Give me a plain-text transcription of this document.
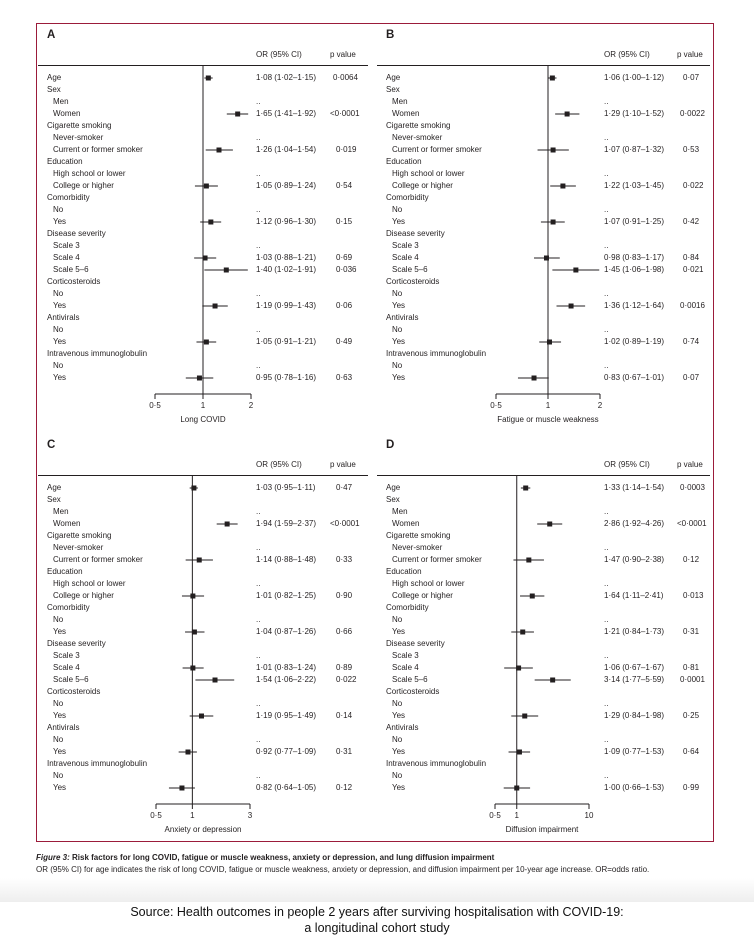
A
OR (95% CI)	p value
0·5	1	2
Long COVID
Age	1·08 (1·02–1·15) 0·0064
Sex
Men	..
Women	1·65 (1·41–1·92) <0·0001
Cigarette smoking
Never-smoker	..
Current or former smoker	1·26 (1·04–1·54) 0·019
Education
High school or lower	..
College or higher	1·05 (0·89–1·24) 0·54
Comorbidity
No	..
Yes	1·12 (0·96–1·30) 0·15
Disease severity
Scale 3	..
Scale 4	1·03 (0·88–1·21) 0·69
Scale 5–6	1·40 (1·02–1·91) 0·036
Corticosteroids
No	..
Yes	1·19 (0·99–1·43) 0·06
Antivirals
No	..
Yes	1·05 (0·91–1·21) 0·49
Intravenous immunoglobulin
No	..
Yes	0·95 (0·78–1·16) 0·63
B
OR (95% CI)	p value
0·5	1	2
Fatigue or muscle weakness
Age	1·06 (1·00–1·12) 0·07
Sex
Men	..
Women	1·29 (1·10–1·52) 0·0022
Cigarette smoking
Never-smoker	..
Current or former smoker	1·07 (0·87–1·32) 0·53
Education
High school or lower	..
College or higher	1·22 (1·03–1·45) 0·022
Comorbidity
No	..
Yes	1·07 (0·91–1·25) 0·42
Disease severity
Scale 3	..
Scale 4	0·98 (0·83–1·17) 0·84
Scale 5–6	1·45 (1·06–1·98) 0·021
Corticosteroids
No	..
Yes	1·36 (1·12–1·64) 0·0016
Antivirals
No	..
Yes	1·02 (0·89–1·19) 0·74
Intravenous immunoglobulin
No	..
Yes	0·83 (0·67–1·01) 0·07
C
OR (95% CI)	p value
0·5	1	3
Anxiety or depression
Age	1·03 (0·95–1·11)	0·47
Sex
Men	..
Women	1·94 (1·59–2·37) <0·0001
Cigarette smoking
Never-smoker	..
Current or former smoker	1·14 (0·88–1·48) 0·33
Education
High school or lower	..
College or higher	1·01 (0·82–1·25) 0·90
Comorbidity
No	..
Yes	1·04 (0·87–1·26) 0·66
Disease severity
Scale 3	..
Scale 4	1·01 (0·83–1·24) 0·89
Scale 5–6	1·54 (1·06–2·22) 0·022
Corticosteroids
No	..
Yes	1·19 (0·95–1·49) 0·14
Antivirals
No	..
Yes	0·92 (0·77–1·09) 0·31
Intravenous immunoglobulin
No	..
Yes	0·82 (0·64–1·05) 0·12
D
OR (95% CI)	p value
0·5 1	10
Diffusion impairment
Age	1·33 (1·14–1·54) 0·0003
Sex
Men	..
Women	2·86 (1·92–4·26) <0·0001
Cigarette smoking
Never-smoker	..
Current or former smoker	1·47 (0·90–2·38) 0·12
Education
High school or lower	..
College or higher	1·64 (1·11–2·41) 0·013
Comorbidity
No	..
Yes	1·21 (0·84–1·73) 0·31
Disease severity
Scale 3	..
Scale 4	1·06 (0·67–1·67) 0·81
Scale 5–6	3·14 (1·77–5·59) 0·0001
Corticosteroids
No	..
Yes	1·29 (0·84–1·98) 0·25
Antivirals
No	..
Yes	1·09 (0·77–1·53) 0·64
Intravenous immunoglobulin
No	..
Yes	1·00 (0·66–1·53) 0·99
Figure 3: Risk factors for long COVID, fatigue or muscle weakness, anxiety or depression, and lung diffusion impairment
OR (95% CI) for age indicates the risk of long COVID, fatigue or muscle weakness, anxiety or depression, and diffusion impairment per 10-year age increase. OR=odds ratio.
Source: Health outcomes in people 2 years after surviving hospitalisation with COVID-19:
a longitudinal cohort study
